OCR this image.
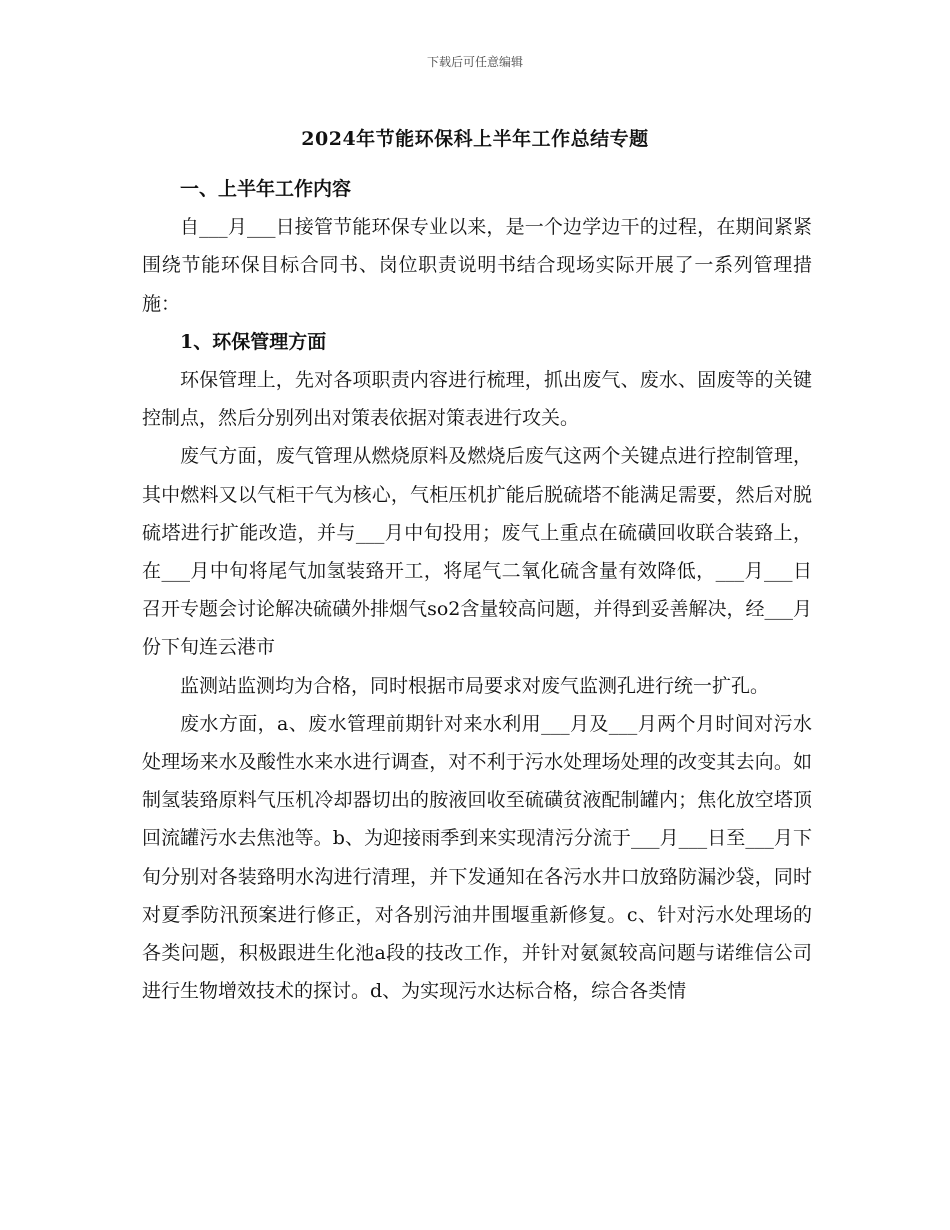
下载后可任意编辑
2024年节能环保科上半年工作总结专题
一、上半年工作内容

自___月___日接管节能环保专业以来，是一个边学边干的过程，在期间紧紧围绕节能环保目标合同书、岗位职责说明书结合现场实际开展了一系列管理措施：

1、环保管理方面

环保管理上，先对各项职责内容进行梳理，抓出废气、废水、固废等的关键控制点，然后分别列出对策表依据对策表进行攻关。

废气方面，废气管理从燃烧原料及燃烧后废气这两个关键点进行控制管理，其中燃料又以气柜干气为核心，气柜压机扩能后脱硫塔不能满足需要，然后对脱硫塔进行扩能改造，并与___月中旬投用；废气上重点在硫磺回收联合装臵上，在___月中旬将尾气加氢装臵开工，将尾气二氧化硫含量有效降低，___月___日召开专题会讨论解决硫磺外排烟气so2含量较高问题，并得到妥善解决，经___月份下旬连云港市

监测站监测均为合格，同时根据市局要求对废气监测孔进行统一扩孔。

废水方面，a、废水管理前期针对来水利用___月及___月两个月时间对污水处理场来水及酸性水来水进行调查，对不利于污水处理场处理的改变其去向。如制氢装臵原料气压机冷却器切出的胺液回收至硫磺贫液配制罐内；焦化放空塔顶回流罐污水去焦池等。b、为迎接雨季到来实现清污分流于___月___日至___月下旬分别对各装臵明水沟进行清理，并下发通知在各污水井口放臵防漏沙袋，同时对夏季防汛预案进行修正，对各别污油井围堰重新修复。c、针对污水处理场的各类问题，积极跟进生化池a段的技改工作，并针对氨氮较高问题与诺维信公司进行生物增效技术的探讨。d、为实现污水达标合格，综合各类情
